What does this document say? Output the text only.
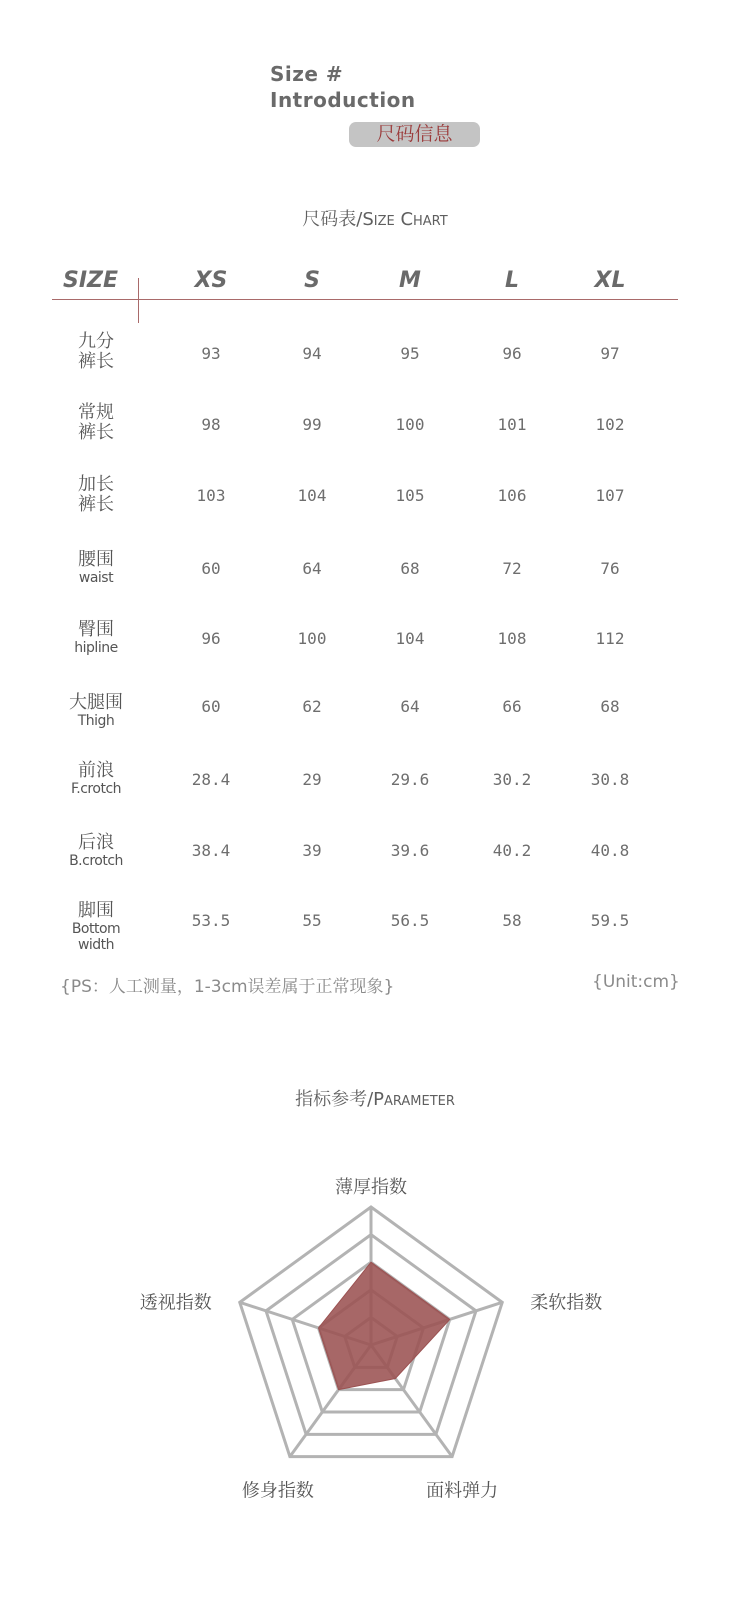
Size #
Introduction
尺码信息
尺码表/Size Chart
SIZE	XS	S	M	L	XL
九分
裤长	93	94	95	96	97
常规
裤长	98	99	100	101	102
加长
裤长	103	104	105	106	107
腰围
waist	60	64	68	72	76
臀围
hipline	96	100	104	108	112
大腿围
Thigh
60	62	64	66	68
前浪
F.crotch	28.4	29	29.6	30.2	30.8
后浪
B.crotch
38.4	39	39.6	40.2	40.8
脚围
Bottom width
53.5	55	56.5	58	59.5
{PS：人工测量，1-3cm误差属于正常现象}	{Unit:cm}
指标参考/Parameter
薄厚指数
柔软指数
面料弹力
修身指数
透视指数
